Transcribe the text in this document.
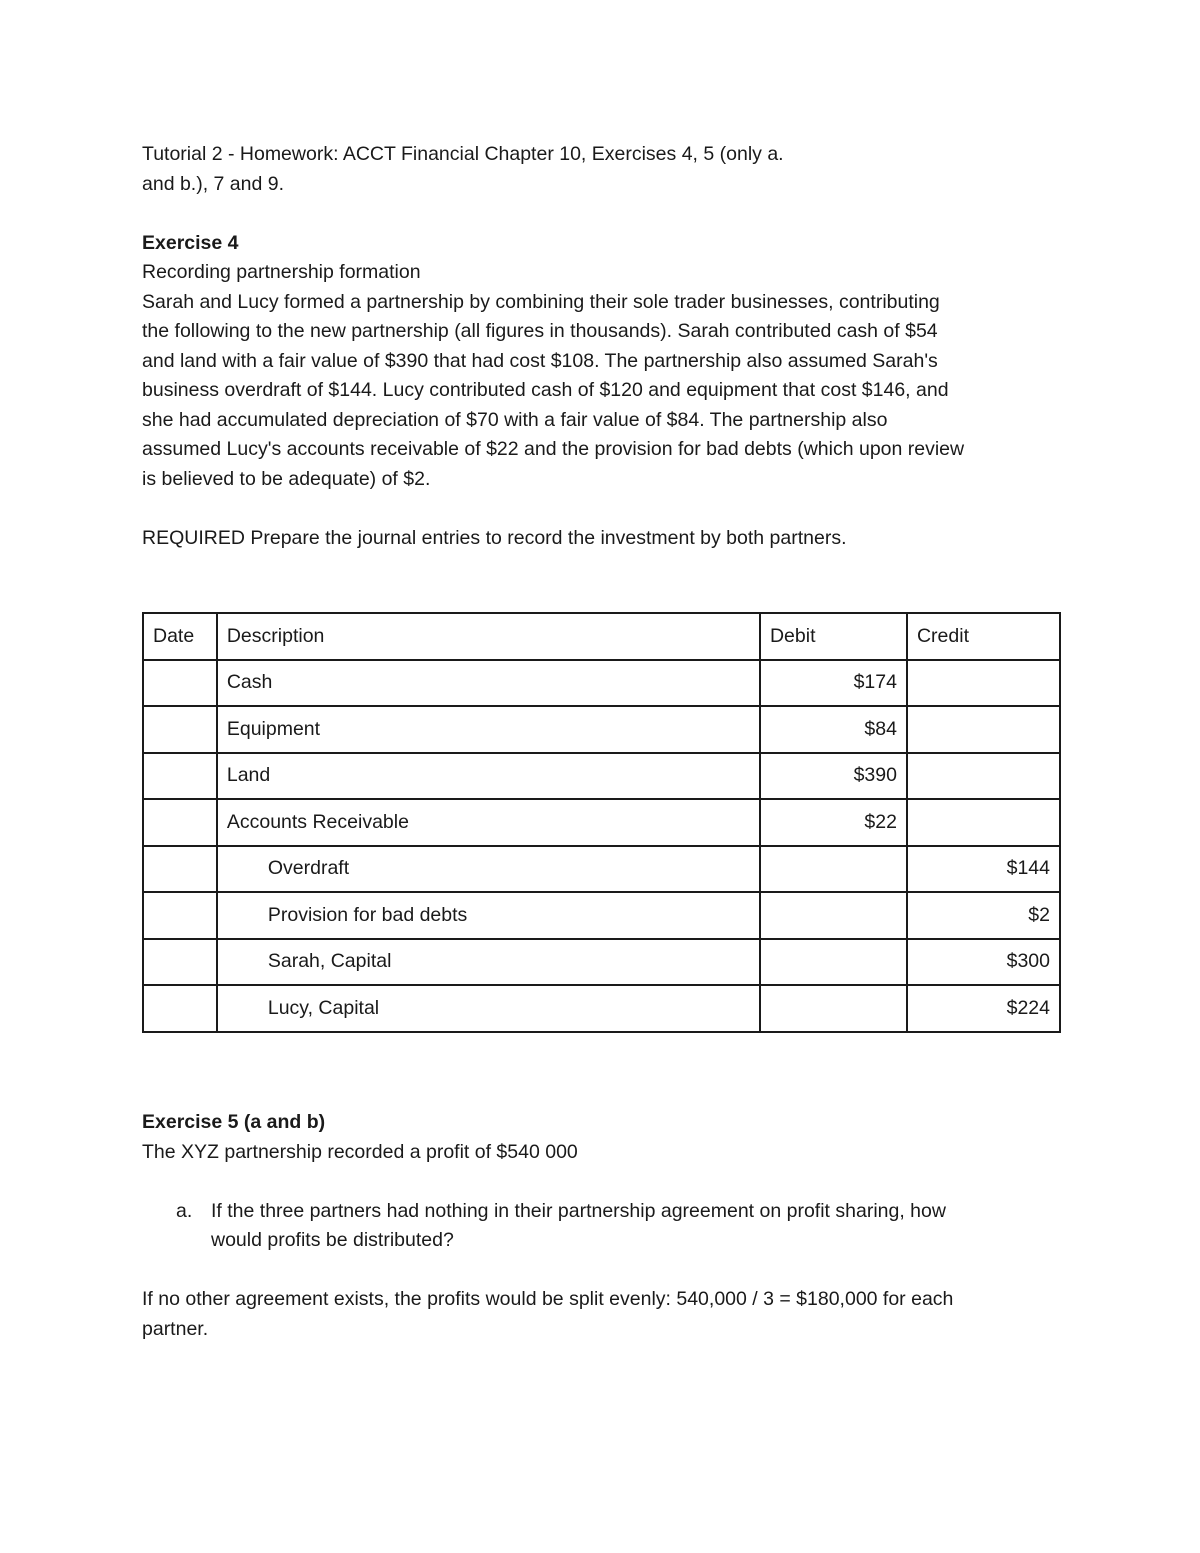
Tutorial 2 - Homework: ACCT Financial Chapter 10, Exercises 4, 5 (only a.

and b.), 7 and 9.

Exercise 4

Recording partnership formation

Sarah and Lucy formed a partnership by combining their sole trader businesses, contributing

the following to the new partnership (all figures in thousands). Sarah contributed cash of $54

and land with a fair value of $390 that had cost $108. The partnership also assumed Sarah's

business overdraft of $144. Lucy contributed cash of $120 and equipment that cost $146, and

she had accumulated depreciation of $70 with a fair value of $84. The partnership also

assumed Lucy's accounts receivable of $22 and the provision for bad debts (which upon review

is believed to be adequate) of $2.

REQUIRED Prepare the journal entries to record the investment by both partners.

Date	Description	Debit	Credit
	Cash	$174	
	Equipment	$84	
	Land	$390	
	Accounts Receivable	$22	
	Overdraft		$144
	Provision for bad debts		$2
	Sarah, Capital		$300
	Lucy, Capital		$224

Exercise 5 (a and b)

The XYZ partnership recorded a profit of $540 000

a. If the three partners had nothing in their partnership agreement on profit sharing, how
would profits be distributed?

If no other agreement exists, the profits would be split evenly: 540,000 / 3 = $180,000 for each

partner.
